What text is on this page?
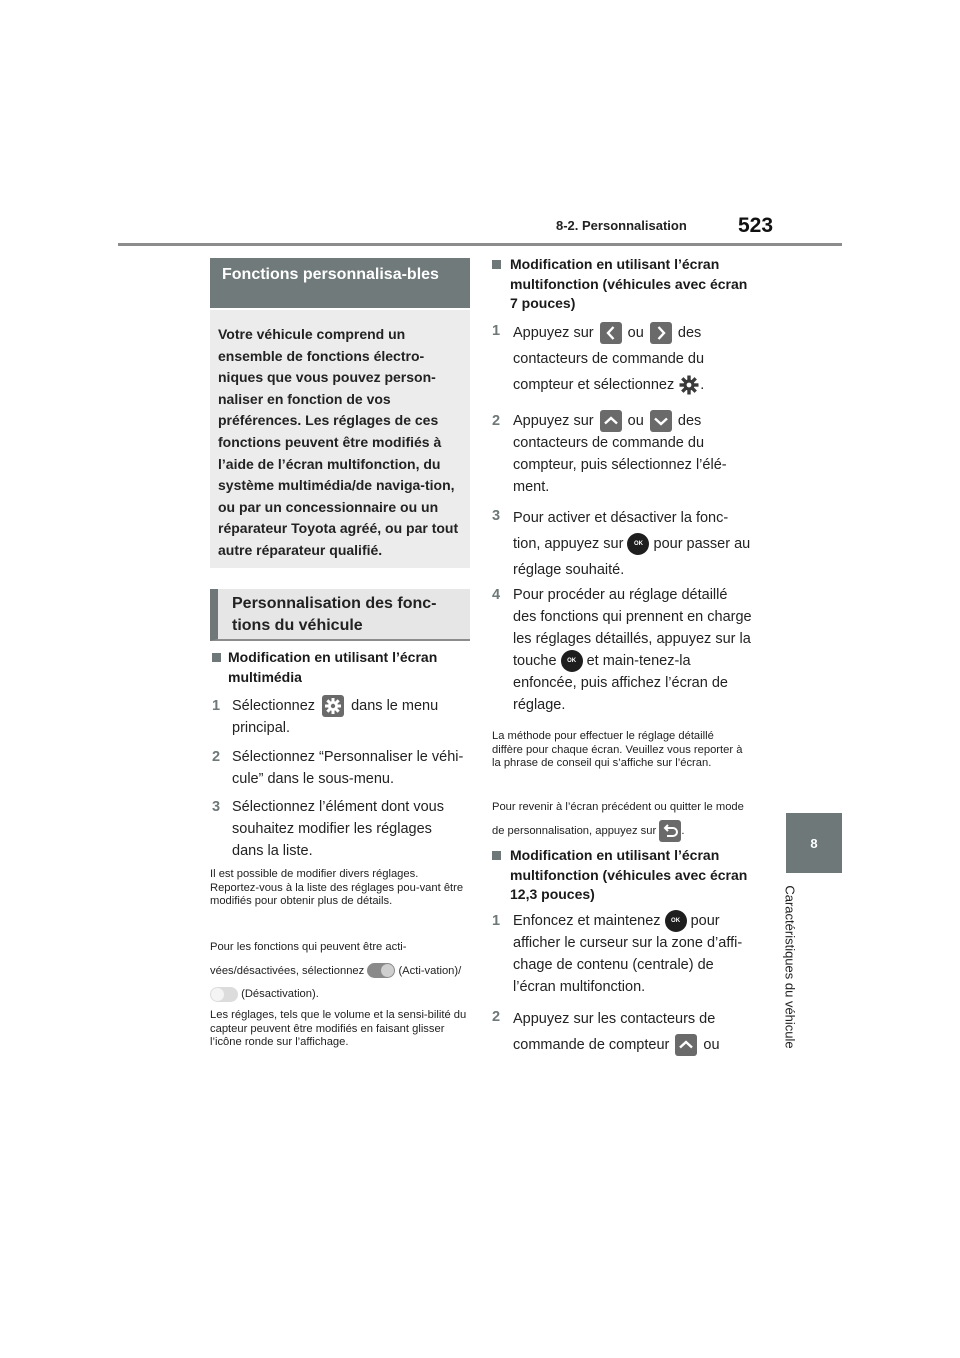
8-2. Personnalisation 523
8
Caractéristiques du véhicule
Fonctions personnalisa-bles
Votre véhicule comprend un ensemble de fonctions électro-niques que vous pouvez person-naliser en fonction de vos préférences. Les réglages de ces fonctions peuvent être modifiés à l’aide de l’écran multifonction, du système multimédia/de naviga-tion, ou par un concessionnaire ou un réparateur Toyota agréé, ou par tout autre réparateur qualifié.
Personnalisation des fonc-tions du véhicule
Modification en utilisant l’écran multimédia
1 Sélectionnez dans le menu principal.
2 Sélectionnez “Personnaliser le véhi-cule” dans le sous-menu.
3 Sélectionnez l’élément dont vous souhaitez modifier les réglages dans la liste.
Il est possible de modifier divers réglages. Reportez-vous à la liste des réglages pou-vant être modifiés pour obtenir plus de détails.
Pour les fonctions qui peuvent être acti-vées/désactivées, sélectionnez	(Acti-vation)/  (Désactivation).
Les réglages, tels que le volume et la sensi-bilité du capteur peuvent être modifiés en faisant glisser l’icône ronde sur l’affichage.
Modification en utilisant l’écran multifonction (véhicules avec écran 7 pouces)
1 Appuyez sur ou des contacteurs de commande du compteur et sélectionnez .
2 Appuyez sur ou des contacteurs de commande du compteur, puis sélectionnez l’élé-ment.
3 Pour activer et désactiver la fonc-tion, appuyez sur OK pour passer au réglage souhaité.
4 Pour procéder au réglage détaillé des fonctions qui prennent en charge les réglages détaillés, appuyez sur la touche OK et main-tenez-la enfoncée, puis affichez l’écran de réglage.
La méthode pour effectuer le réglage détaillé diffère pour chaque écran. Veuillez vous reporter à la phrase de conseil qui s’affiche sur l’écran.
Pour revenir à l’écran précédent ou quitter le mode de personnalisation, appuyez sur .
Modification en utilisant l’écran multifonction (véhicules avec écran 12,3 pouces)
1 Enfoncez et maintenez OK pour afficher le curseur sur la zone d’affi-chage de contenu (centrale) de l’écran multifonction.
2 Appuyez sur les contacteurs de commande de compteur ou
